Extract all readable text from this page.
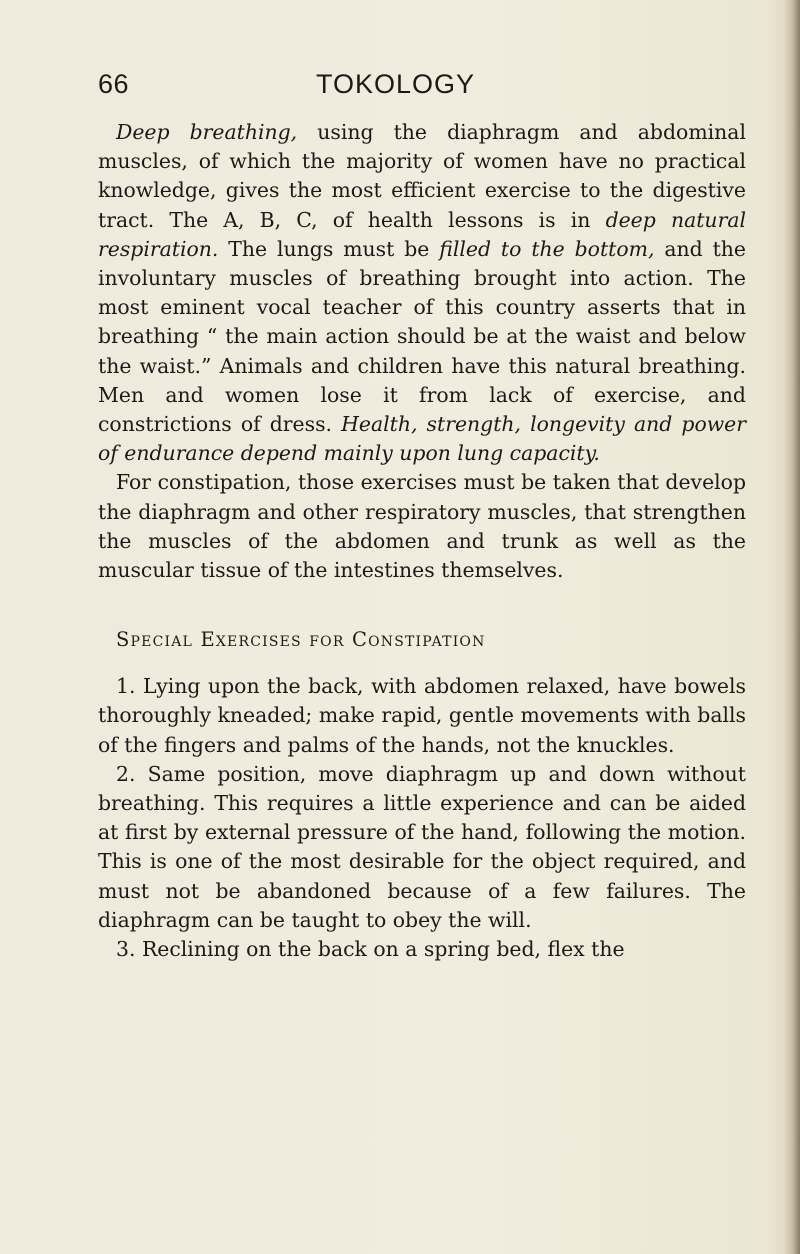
66	TOKOLOGY

Deep breathing, using the diaphragm and abdominal muscles, of which the majority of women have no practical knowledge, gives the most efficient exercise to the digestive tract. The A, B, C, of health lessons is in deep natural respiration. The lungs must be filled to the bottom, and the involuntary muscles of breathing brought into action. The most eminent vocal teacher of this country asserts that in breathing “ the main action should be at the waist and below the waist.” Animals and children have this natural breathing. Men and women lose it from lack of exercise, and constrictions of dress. Health, strength, longevity and power of endurance depend mainly upon lung capacity.

For constipation, those exercises must be taken that develop the diaphragm and other respiratory muscles, that strengthen the muscles of the abdomen and trunk as well as the muscular tissue of the intestines themselves.

Special Exercises for Constipation

1. Lying upon the back, with abdomen relaxed, have bowels thoroughly kneaded; make rapid, gentle movements with balls of the fingers and palms of the hands, not the knuckles.

2. Same position, move diaphragm up and down without breathing. This requires a little experience and can be aided at first by external pressure of the hand, following the motion. This is one of the most desirable for the object required, and must not be abandoned because of a few failures. The diaphragm can be taught to obey the will.

3. Reclining on the back on a spring bed, flex the
